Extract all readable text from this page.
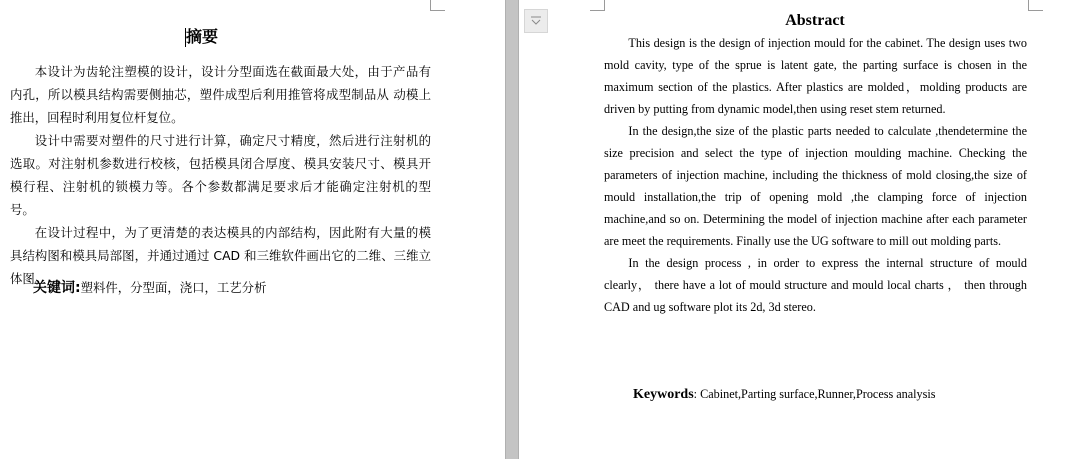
摘要

本设计为齿轮注塑模的设计，设计分型面选在截面最大处，由于产品有内孔，所以模具结构需要侧抽芯，塑件成型后利用推管将成型制品从 动模上推出，回程时利用复位杆复位。

设计中需要对塑件的尺寸进行计算，确定尺寸精度，然后进行注射机的选取。对注射机参数进行校核，包括模具闭合厚度、模具安装尺寸、模具开模行程、注射机的锁模力等。各个参数都满足要求后才能确定注射机的型号。

在设计过程中，为了更清楚的表达模具的内部结构，因此附有大量的模具结构图和模具局部图，并通过通过 CAD 和三维软件画出它的二维、三维立体图。

关键词:塑料件，分型面，浇口，工艺分析
Abstract

This design is the design of injection mould for the cabinet. The design uses two mold cavity, type of the sprue is latent gate, the parting surface is chosen in the maximum section of the plastics. After plastics are molded，molding products are driven by putting from dynamic model,then using reset stem returned.

In the design,the size of the plastic parts needed to calculate ,thendetermine the size precision and select the type of injection moulding machine. Checking the parameters of injection machine, including the thickness of mold closing,the size of mould installation,the trip of opening mold ,the clamping force of injection machine,and so on. Determining the model of injection machine after each parameter are meet the requirements. Finally use the UG software to mill out molding parts.

In the design process , in order to express the internal structure of mould clearly， there have a lot of mould structure and mould local charts ， then through CAD and ug software plot its 2d, 3d stereo.

Keywords: Cabinet,Parting surface,Runner,Process analysis
